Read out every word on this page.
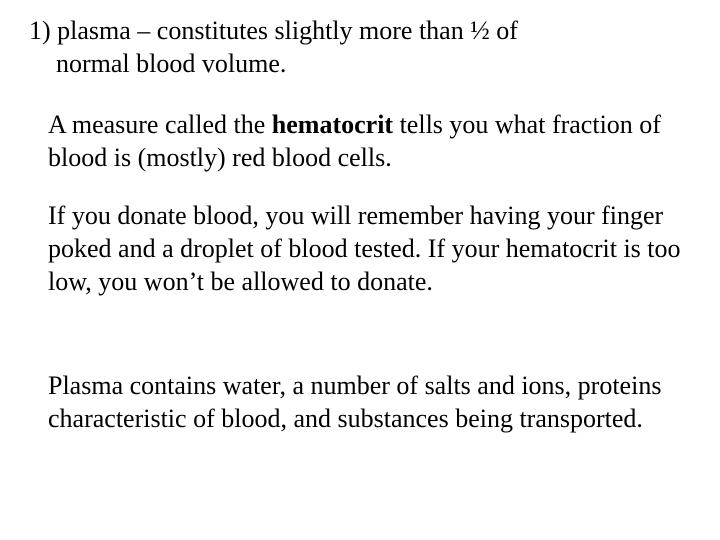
1) plasma – constitutes slightly more than ½ of
normal blood volume.

A measure called the hematocrit tells you what fraction of blood is (mostly) red blood cells.

If you donate blood, you will remember having your finger poked and a droplet of blood tested. If your hematocrit is too low, you won’t be allowed to donate.

Plasma contains water, a number of salts and ions, proteins characteristic of blood, and substances being transported.
